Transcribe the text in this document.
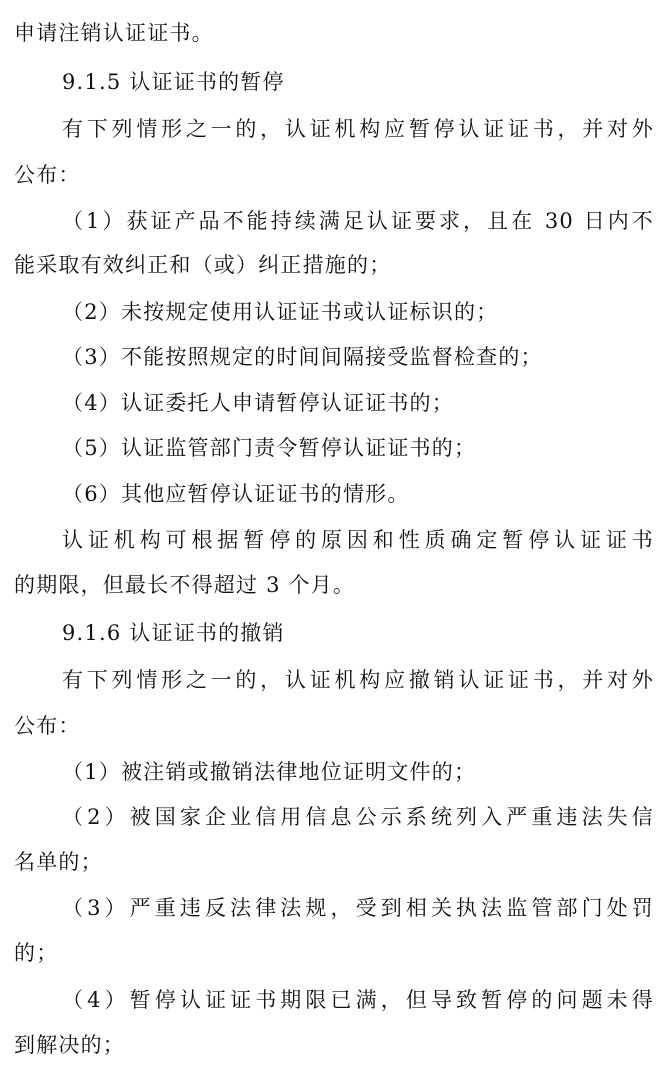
申请注销认证证书。
9.1.5 认证证书的暂停
有下列情形之一的，认证机构应暂停认证证书，并对外
公布：
（1）获证产品不能持续满足认证要求，且在 30 日内不
能采取有效纠正和（或）纠正措施的；
（2）未按规定使用认证证书或认证标识的；
（3）不能按照规定的时间间隔接受监督检查的；
（4）认证委托人申请暂停认证证书的；
（5）认证监管部门责令暂停认证证书的；
（6）其他应暂停认证证书的情形。
认证机构可根据暂停的原因和性质确定暂停认证证书
的期限，但最长不得超过 3 个月。
9.1.6 认证证书的撤销
有下列情形之一的，认证机构应撤销认证证书，并对外
公布：
（1）被注销或撤销法律地位证明文件的；
（2）被国家企业信用信息公示系统列入严重违法失信
名单的；
（3）严重违反法律法规，受到相关执法监管部门处罚
的；
（4）暂停认证证书期限已满，但导致暂停的问题未得
到解决的；
